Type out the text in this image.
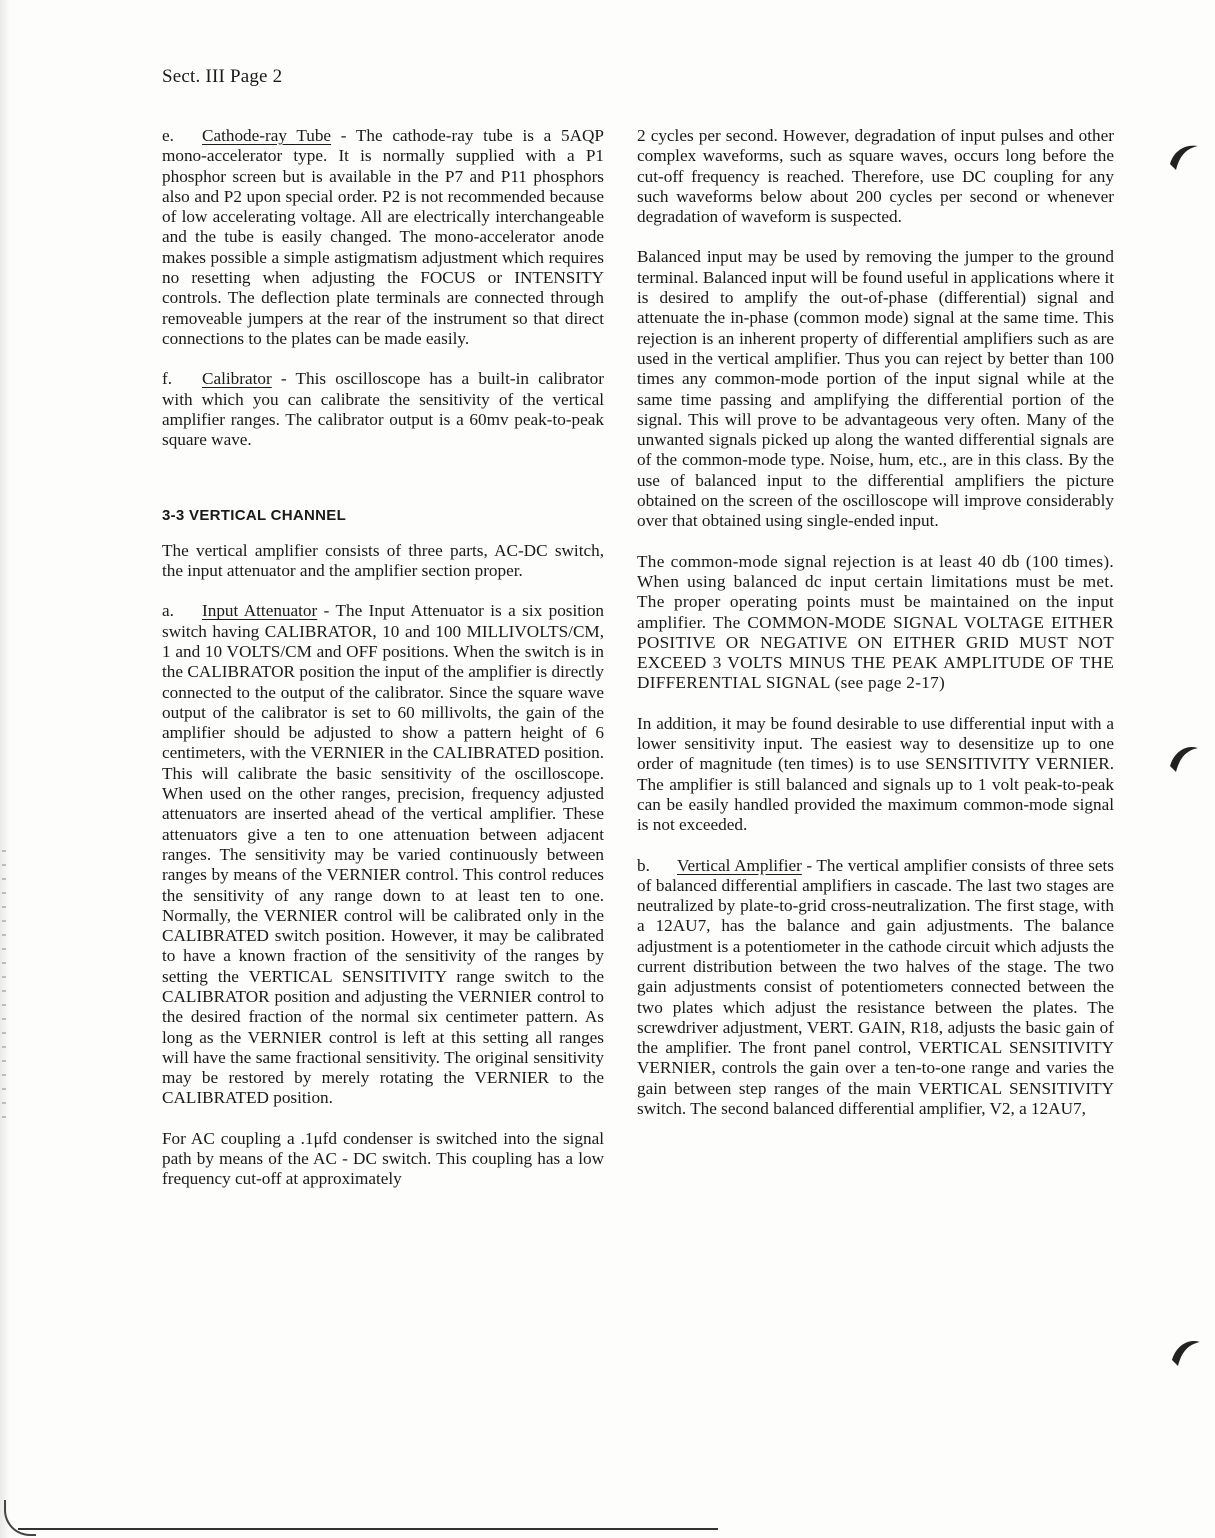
Sect. III Page 2
e. Cathode-ray Tube - The cathode-ray tube is a 5AQP mono-accelerator type. It is normally supplied with a P1 phosphor screen but is available in the P7 and P11 phosphors also and P2 upon special order. P2 is not recommended because of low accelerating voltage. All are electrically interchangeable and the tube is easily changed. The mono-accelerator anode makes possible a simple astigmatism adjustment which requires no resetting when adjusting the FOCUS or INTENSITY controls. The deflection plate terminals are connected through removeable jumpers at the rear of the instrument so that direct connections to the plates can be made easily.
f. Calibrator - This oscilloscope has a built-in calibrator with which you can calibrate the sensitivity of the vertical amplifier ranges. The calibrator output is a 60mv peak-to-peak square wave.
3-3 VERTICAL CHANNEL

The vertical amplifier consists of three parts, AC-DC switch, the input attenuator and the amplifier section proper.

a. Input Attenuator - The Input Attenuator is a six position switch having CALIBRATOR, 10 and 100 MILLIVOLTS/CM, 1 and 10 VOLTS/CM and OFF positions. When the switch is in the CALIBRATOR position the input of the amplifier is directly connected to the output of the calibrator. Since the square wave output of the calibrator is set to 60 millivolts, the gain of the amplifier should be adjusted to show a pattern height of 6 centimeters, with the VERNIER in the CALIBRATED position. This will calibrate the basic sensitivity of the oscilloscope. When used on the other ranges, precision, frequency adjusted attenuators are inserted ahead of the vertical amplifier. These attenuators give a ten to one attenuation between adjacent ranges. The sensitivity may be varied continuously between ranges by means of the VERNIER control. This control reduces the sensitivity of any range down to at least ten to one. Normally, the VERNIER control will be calibrated only in the CALIBRATED switch position. However, it may be calibrated to have a known fraction of the sensitivity of the ranges by setting the VERTICAL SENSITIVITY range switch to the CALIBRATOR position and adjusting the VERNIER control to the desired fraction of the normal six centimeter pattern. As long as the VERNIER control is left at this setting all ranges will have the same fractional sensitivity. The original sensitivity may be restored by merely rotating the VERNIER to the CALIBRATED position.

For AC coupling a .1μfd condenser is switched into the signal path by means of the AC - DC switch. This coupling has a low frequency cut-off at approximately

2 cycles per second. However, degradation of input pulses and other complex waveforms, such as square waves, occurs long before the cut-off frequency is reached. Therefore, use DC coupling for any such waveforms below about 200 cycles per second or whenever degradation of waveform is suspected.

Balanced input may be used by removing the jumper to the ground terminal. Balanced input will be found useful in applications where it is desired to amplify the out-of-phase (differential) signal and attenuate the in-phase (common mode) signal at the same time. This rejection is an inherent property of differential amplifiers such as are used in the vertical amplifier. Thus you can reject by better than 100 times any common-mode portion of the input signal while at the same time passing and amplifying the differential portion of the signal. This will prove to be advantageous very often. Many of the unwanted signals picked up along the wanted differential signals are of the common-mode type. Noise, hum, etc., are in this class. By the use of balanced input to the differential amplifiers the picture obtained on the screen of the oscilloscope will improve considerably over that obtained using single-ended input.

The common-mode signal rejection is at least 40 db (100 times). When using balanced dc input certain limitations must be met. The proper operating points must be maintained on the input amplifier. The COMMON-MODE SIGNAL VOLTAGE EITHER POSITIVE OR NEGATIVE ON EITHER GRID MUST NOT EXCEED 3 VOLTS MINUS THE PEAK AMPLITUDE OF THE DIFFERENTIAL SIGNAL (see page 2-17)

In addition, it may be found desirable to use differential input with a lower sensitivity input. The easiest way to desensitize up to one order of magnitude (ten times) is to use SENSITIVITY VERNIER. The amplifier is still balanced and signals up to 1 volt peak-to-peak can be easily handled provided the maximum common-mode signal is not exceeded.

b. Vertical Amplifier - The vertical amplifier consists of three sets of balanced differential amplifiers in cascade. The last two stages are neutralized by plate-to-grid cross-neutralization. The first stage, with a 12AU7, has the balance and gain adjustments. The balance adjustment is a potentiometer in the cathode circuit which adjusts the current distribution between the two halves of the stage. The two gain adjustments consist of potentiometers connected between the two plates which adjust the resistance between the plates. The screwdriver adjustment, VERT. GAIN, R18, adjusts the basic gain of the amplifier. The front panel control, VERTICAL SENSITIVITY VERNIER, controls the gain over a ten-to-one range and varies the gain between step ranges of the main VERTICAL SENSITIVITY switch. The second balanced differential amplifier, V2, a 12AU7,
